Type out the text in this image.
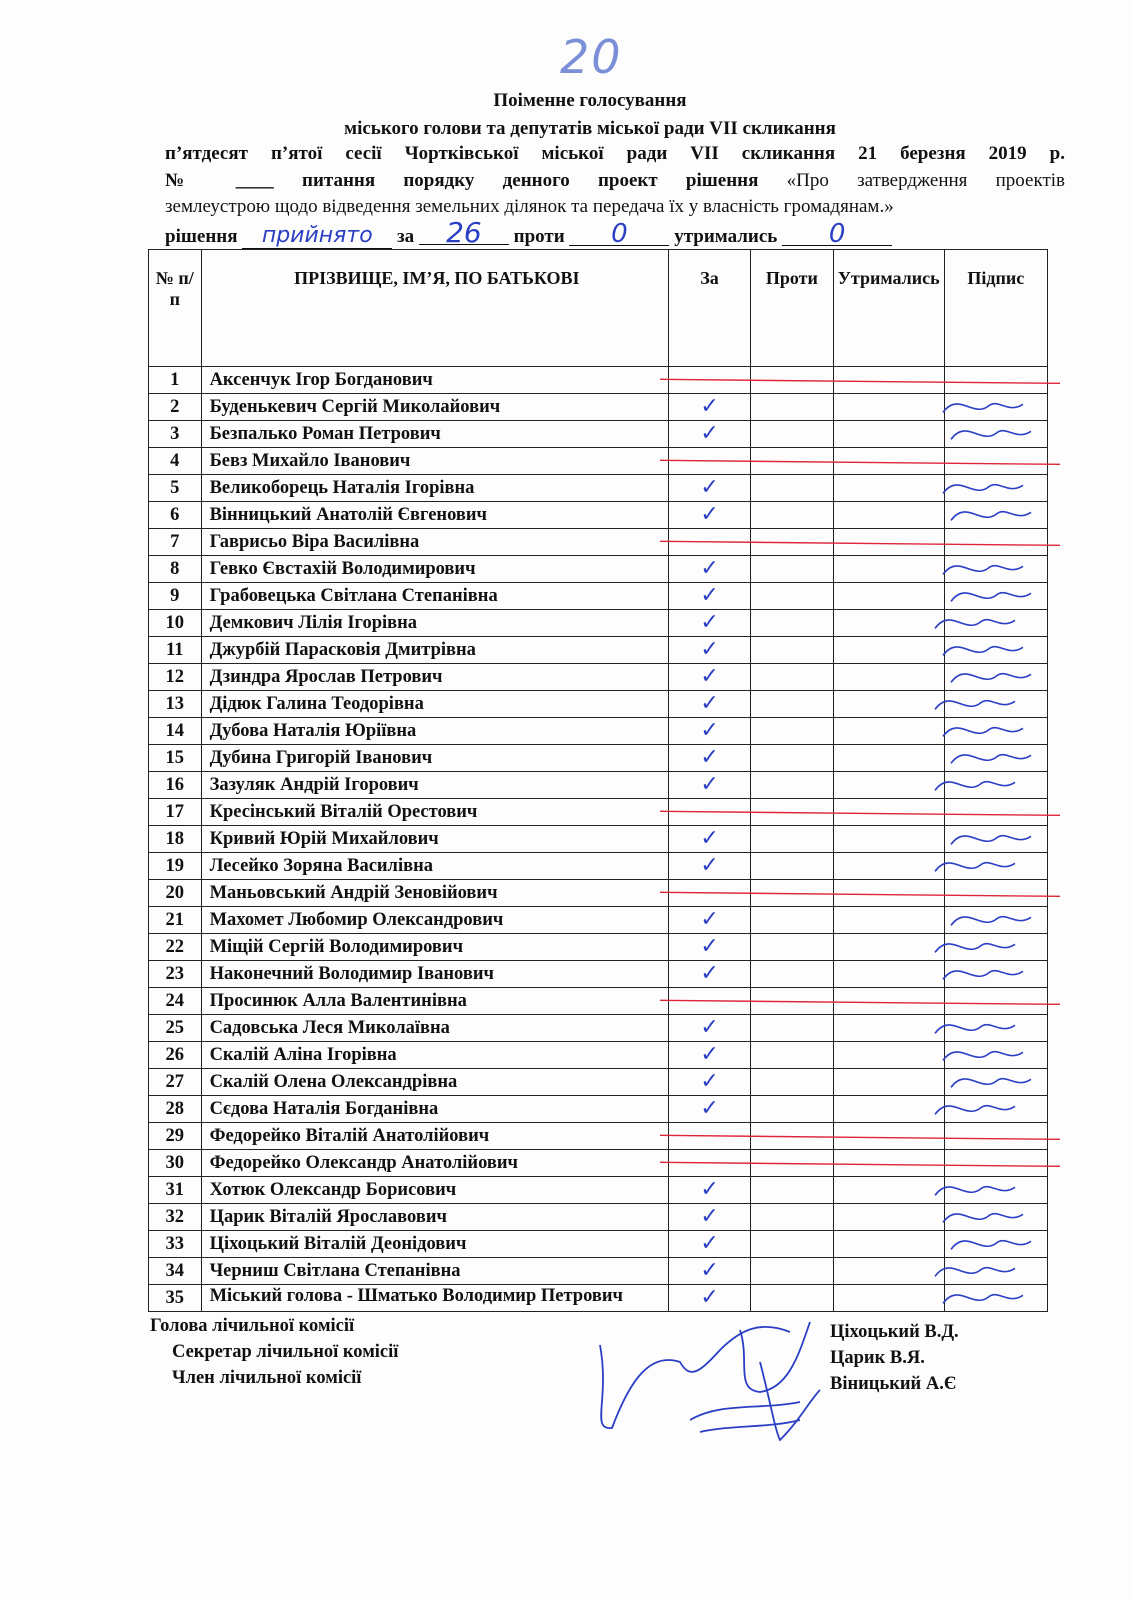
20
Поіменне голосування
міського голови та депутатів міської ради VII скликання
п’ятдесят п’ятої сесії Чортківської міської ради VII скликання 21 березня 2019 р.
№ ____ питання порядку денного проект рішення «Про затвердження проектів
землеустрою щодо відведення земельних ділянок та передача їх у власність громадянам.»
рішення прийнято за 26 проти 0 утримались 0
№ п/п	ПРІЗВИЩЕ, ІМ’Я, ПО БАТЬКОВІ	За	Проти	Утримались	Підпис
1	Аксенчук Ігор Богданович				
2	Буденькевич Сергій Миколайович	✓			
3	Безпалько Роман Петрович	✓			
4	Бевз Михайло Іванович				
5	Великоборець Наталія Ігорівна	✓			
6	Вінницький Анатолій Євгенович	✓			
7	Гаврисьо Віра Василівна				
8	Гевко Євстахій Володимирович	✓			
9	Грабовецька Світлана Степанівна	✓			
10	Демкович Лілія Ігорівна	✓			
11	Джурбій Парасковія Дмитрівна	✓			
12	Дзиндра Ярослав Петрович	✓			
13	Дідюк Галина Теодорівна	✓			
14	Дубова Наталія Юріївна	✓			
15	Дубина Григорій Іванович	✓			
16	Зазуляк Андрій Ігорович	✓			
17	Кресінський Віталій Орестович				
18	Кривий Юрій Михайлович	✓			
19	Лесейко Зоряна Василівна	✓			
20	Маньовський Андрій Зеновійович				
21	Махомет Любомир Олександрович	✓			
22	Міщій Сергій Володимирович	✓			
23	Наконечний Володимир Іванович	✓			
24	Просинюк Алла Валентинівна				
25	Садовська Леся Миколаївна	✓			
26	Скалій Аліна Ігорівна	✓			
27	Скалій Олена Олександрівна	✓			
28	Сєдова Наталія Богданівна	✓			
29	Федорейко Віталій Анатолійович				
30	Федорейко Олександр Анатолійович				
31	Хотюк Олександр Борисович	✓			
32	Царик Віталій Ярославович	✓			
33	Ціхоцький Віталій Деонідович	✓			
34	Черниш Світлана Степанівна	✓			
35	Міський голова - Шматько Володимир Петрович	✓			
Голова лічильної комісії
Секретар лічильної комісії
Член лічильної комісії
Ціхоцький В.Д.
Царик В.Я.
Віницький А.Є
